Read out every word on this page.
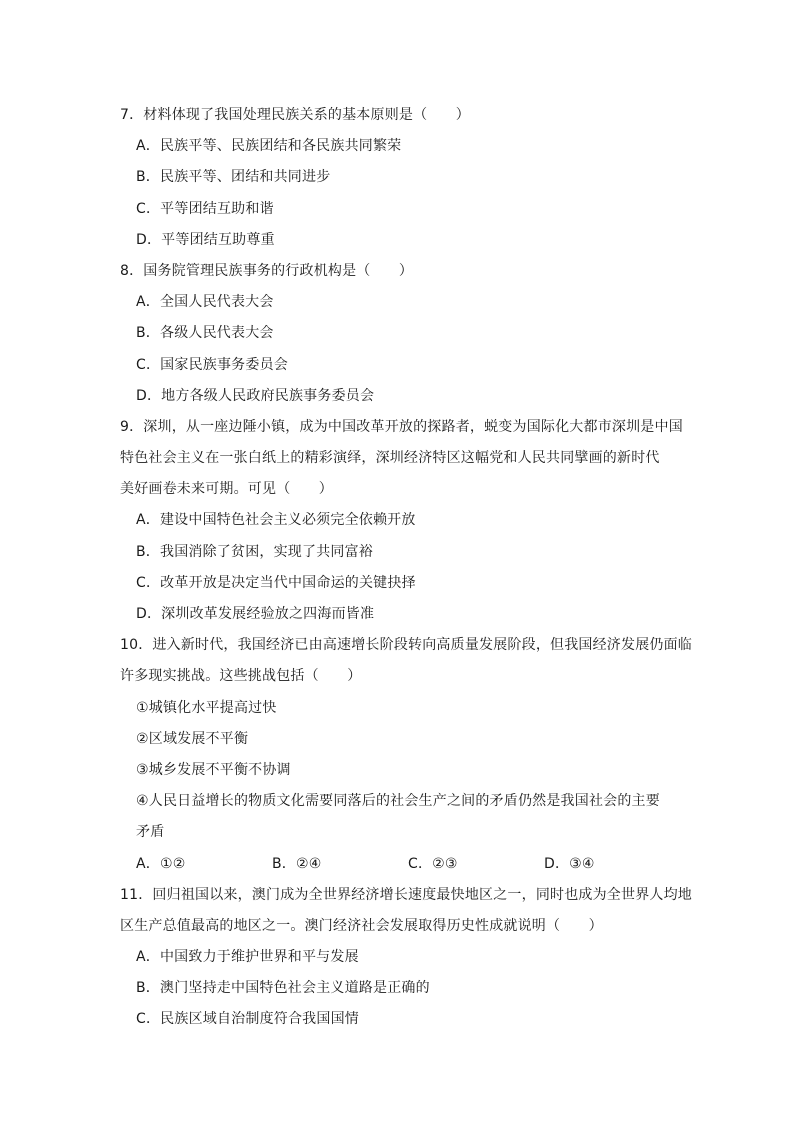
7．材料体现了我国处理民族关系的基本原则是（　　）
A．民族平等、民族团结和各民族共同繁荣
B．民族平等、团结和共同进步
C．平等团结互助和谐
D．平等团结互助尊重
8．国务院管理民族事务的行政机构是（　　）
A．全国人民代表大会
B．各级人民代表大会
C．国家民族事务委员会
D．地方各级人民政府民族事务委员会
9．深圳，从一座边陲小镇，成为中国改革开放的探路者，蜕变为国际化大都市深圳是中国
特色社会主义在一张白纸上的精彩演绎，深圳经济特区这幅党和人民共同擘画的新时代
美好画卷未来可期。可见（　　）
A．建设中国特色社会主义必须完全依赖开放
B．我国消除了贫困，实现了共同富裕
C．改革开放是决定当代中国命运的关键抉择
D．深圳改革发展经验放之四海而皆准
10．进入新时代，我国经济已由高速增长阶段转向高质量发展阶段，但我国经济发展仍面临
许多现实挑战。这些挑战包括（　　）
①城镇化水平提高过快
②区域发展不平衡
③城乡发展不平衡不协调
④人民日益增长的物质文化需要同落后的社会生产之间的矛盾仍然是我国社会的主要
矛盾
A．①②	B．②④	C．②③	D．③④
11．回归祖国以来，澳门成为全世界经济增长速度最快地区之一，同时也成为全世界人均地
区生产总值最高的地区之一。澳门经济社会发展取得历史性成就说明（　　）
A．中国致力于维护世界和平与发展
B．澳门坚持走中国特色社会主义道路是正确的
C．民族区域自治制度符合我国国情
